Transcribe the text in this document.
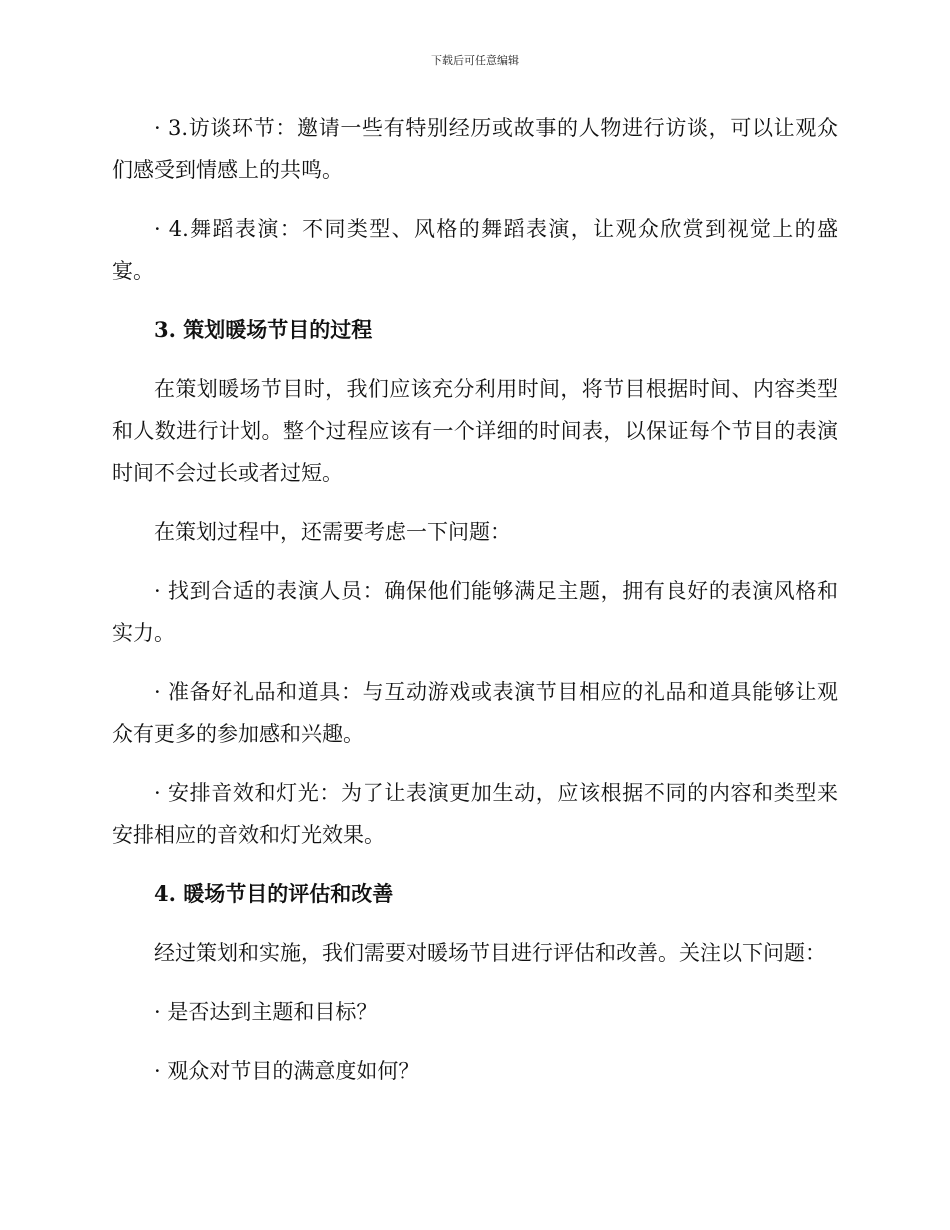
下载后可任意编辑

· 3.访谈环节：邀请一些有特别经历或故事的人物进行访谈，可以让观众们感受到情感上的共鸣。

· 4.舞蹈表演：不同类型、风格的舞蹈表演，让观众欣赏到视觉上的盛宴。

3. 策划暖场节目的过程

在策划暖场节目时，我们应该充分利用时间，将节目根据时间、内容类型和人数进行计划。整个过程应该有一个详细的时间表，以保证每个节目的表演时间不会过长或者过短。

在策划过程中，还需要考虑一下问题：

· 找到合适的表演人员：确保他们能够满足主题，拥有良好的表演风格和实力。

· 准备好礼品和道具：与互动游戏或表演节目相应的礼品和道具能够让观众有更多的参加感和兴趣。

· 安排音效和灯光：为了让表演更加生动，应该根据不同的内容和类型来安排相应的音效和灯光效果。

4. 暖场节目的评估和改善

经过策划和实施，我们需要对暖场节目进行评估和改善。关注以下问题：

· 是否达到主题和目标？

· 观众对节目的满意度如何？
